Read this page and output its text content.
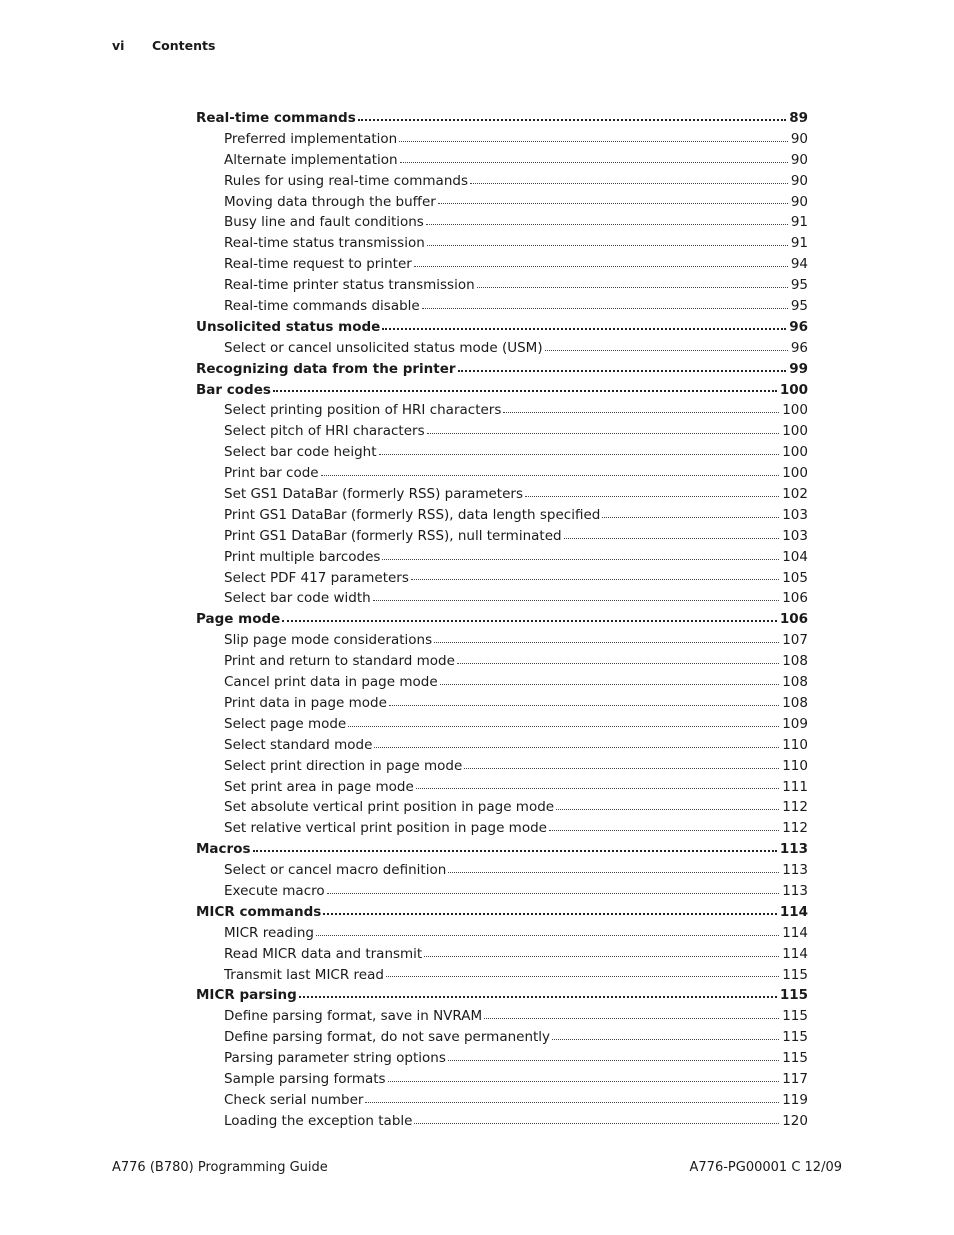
vi Contents
Real-time commands	89
Preferred implementation	90
Alternate implementation	90
Rules for using real-time commands	90
Moving data through the buffer	90
Busy line and fault conditions	91
Real-time status transmission	91
Real-time request to printer	94
Real-time printer status transmission	95
Real-time commands disable	95
Unsolicited status mode	96
Select or cancel unsolicited status mode (USM)	96
Recognizing data from the printer	99
Bar codes	100
Select printing position of HRI characters	100
Select pitch of HRI characters	100
Select bar code height	100
Print bar code	100
Set GS1 DataBar (formerly RSS) parameters	102
Print GS1 DataBar (formerly RSS), data length specified	103
Print GS1 DataBar (formerly RSS), null terminated	103
Print multiple barcodes	104
Select PDF 417 parameters	105
Select bar code width	106
Page mode	106
Slip page mode considerations	107
Print and return to standard mode	108
Cancel print data in page mode	108
Print data in page mode	108
Select page mode	109
Select standard mode	110
Select print direction in page mode	110
Set print area in page mode	111
Set absolute vertical print position in page mode	112
Set relative vertical print position in page mode	112
Macros	113
Select or cancel macro definition	113
Execute macro	113
MICR commands	114
MICR reading	114
Read MICR data and transmit	114
Transmit last MICR read	115
MICR parsing	115
Define parsing format, save in NVRAM	115
Define parsing format, do not save permanently	115
Parsing parameter string options	115
Sample parsing formats	117
Check serial number	119
Loading the exception table	120
A776 (B780) Programming Guide	A776-PG00001 C 12/09
